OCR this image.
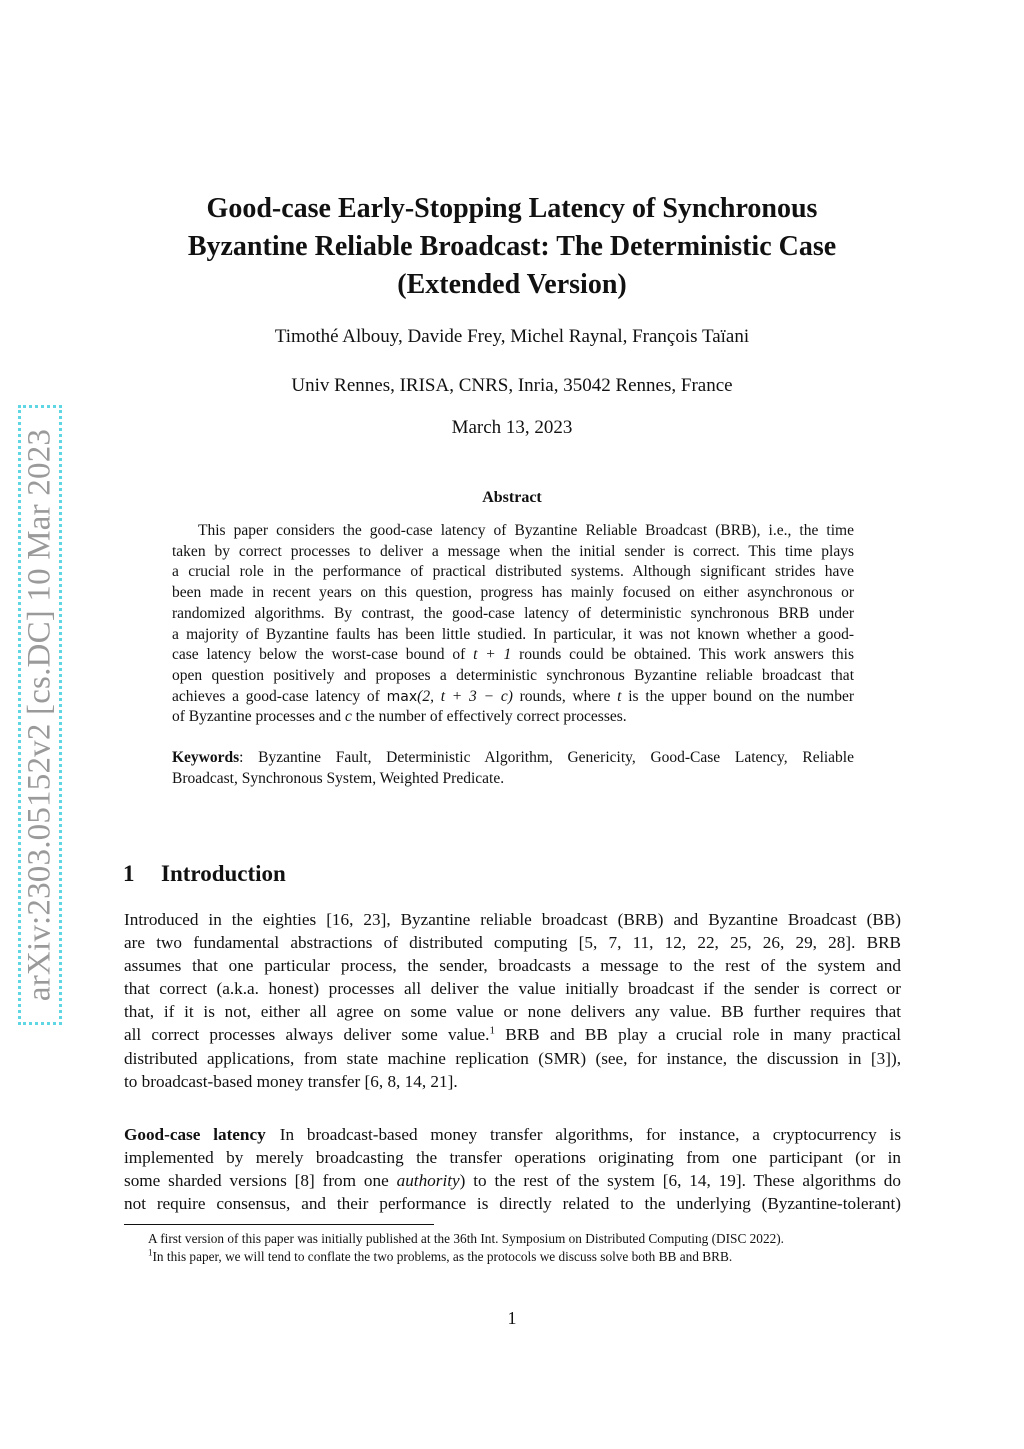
arXiv:2303.05152v2 [cs.DC] 10 Mar 2023
Good-case Early-Stopping Latency of Synchronous
Byzantine Reliable Broadcast: The Deterministic Case
(Extended Version)
Timothé Albouy, Davide Frey, Michel Raynal, François Taïani
Univ Rennes, IRISA, CNRS, Inria, 35042 Rennes, France
March 13, 2023
Abstract
This paper considers the good-case latency of Byzantine Reliable Broadcast (BRB), i.e., the time
taken by correct processes to deliver a message when the initial sender is correct. This time plays
a crucial role in the performance of practical distributed systems. Although significant strides have
been made in recent years on this question, progress has mainly focused on either asynchronous or
randomized algorithms. By contrast, the good-case latency of deterministic synchronous BRB under
a majority of Byzantine faults has been little studied. In particular, it was not known whether a good-
case latency below the worst-case bound of t + 1 rounds could be obtained. This work answers this
open question positively and proposes a deterministic synchronous Byzantine reliable broadcast that
achieves a good-case latency of max(2, t + 3 − c) rounds, where t is the upper bound on the number
of Byzantine processes and c the number of effectively correct processes.
Keywords: Byzantine Fault, Deterministic Algorithm, Genericity, Good-Case Latency, Reliable
Broadcast, Synchronous System, Weighted Predicate.
1 Introduction
Introduced in the eighties [16, 23], Byzantine reliable broadcast (BRB) and Byzantine Broadcast (BB)
are two fundamental abstractions of distributed computing [5, 7, 11, 12, 22, 25, 26, 29, 28]. BRB
assumes that one particular process, the sender, broadcasts a message to the rest of the system and
that correct (a.k.a. honest) processes all deliver the value initially broadcast if the sender is correct or
that, if it is not, either all agree on some value or none delivers any value. BB further requires that
all correct processes always deliver some value.$^1$ BRB and BB play a crucial role in many practical
distributed applications, from state machine replication (SMR) (see, for instance, the discussion in [3]),
to broadcast-based money transfer [6, 8, 14, 21].
Good-case latency In broadcast-based money transfer algorithms, for instance, a cryptocurrency is
implemented by merely broadcasting the transfer operations originating from one participant (or in
some sharded versions [8] from one authority) to the rest of the system [6, 14, 19]. These algorithms do
not require consensus, and their performance is directly related to the underlying (Byzantine-tolerant)
A first version of this paper was initially published at the 36th Int. Symposium on Distributed Computing (DISC 2022).
$^1$In this paper, we will tend to conflate the two problems, as the protocols we discuss solve both BB and BRB.
1
